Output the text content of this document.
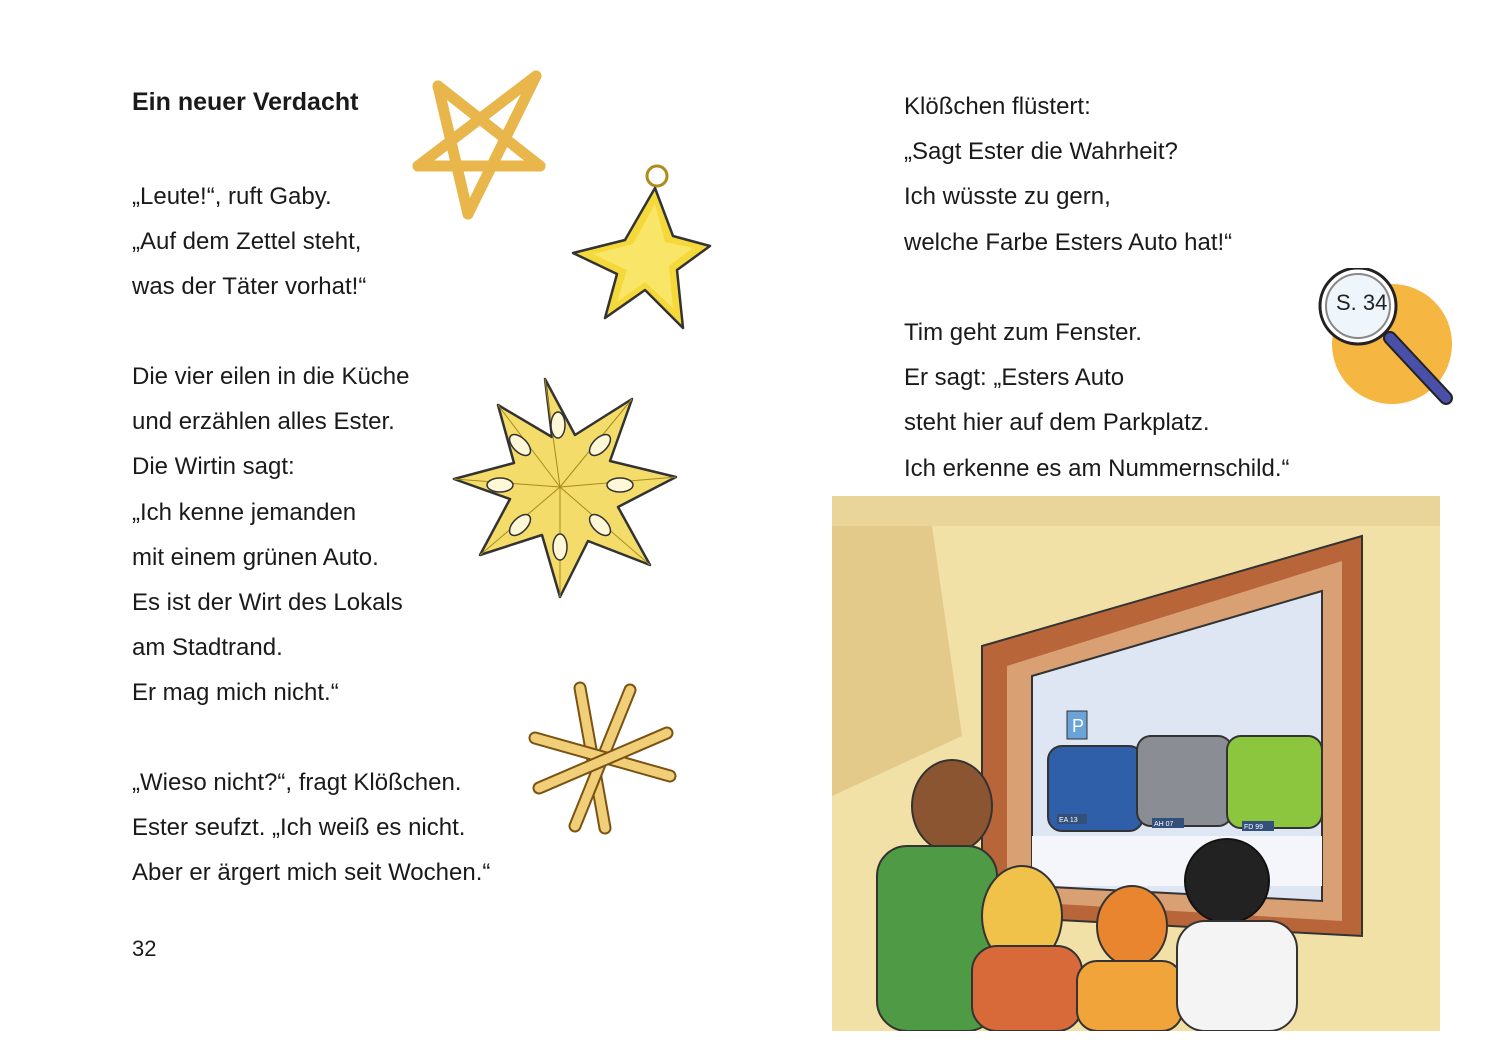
Ein neuer Verdacht
„Leute!“, ruft Gaby.
„Auf dem Zettel steht,
was der Täter vorhat!“
Die vier eilen in die Küche
und erzählen alles Ester.
Die Wirtin sagt:
„Ich kenne jemanden
mit einem grünen Auto.
Es ist der Wirt des Lokals
am Stadtrand.
Er mag mich nicht.“
„Wieso nicht?“, fragt Klößchen.
Ester seufzt. „Ich weiß es nicht.
Aber er ärgert mich seit Wochen.“
32
Klößchen flüstert:
„Sagt Ester die Wahrheit?
Ich wüsste zu gern,
welche Farbe Esters Auto hat!“
Tim geht zum Fenster.
Er sagt: „Esters Auto
steht hier auf dem Parkplatz.
Ich erkenne es am Nummernschild.“
S. 34
P
EA 13
AH 07	FD 99
